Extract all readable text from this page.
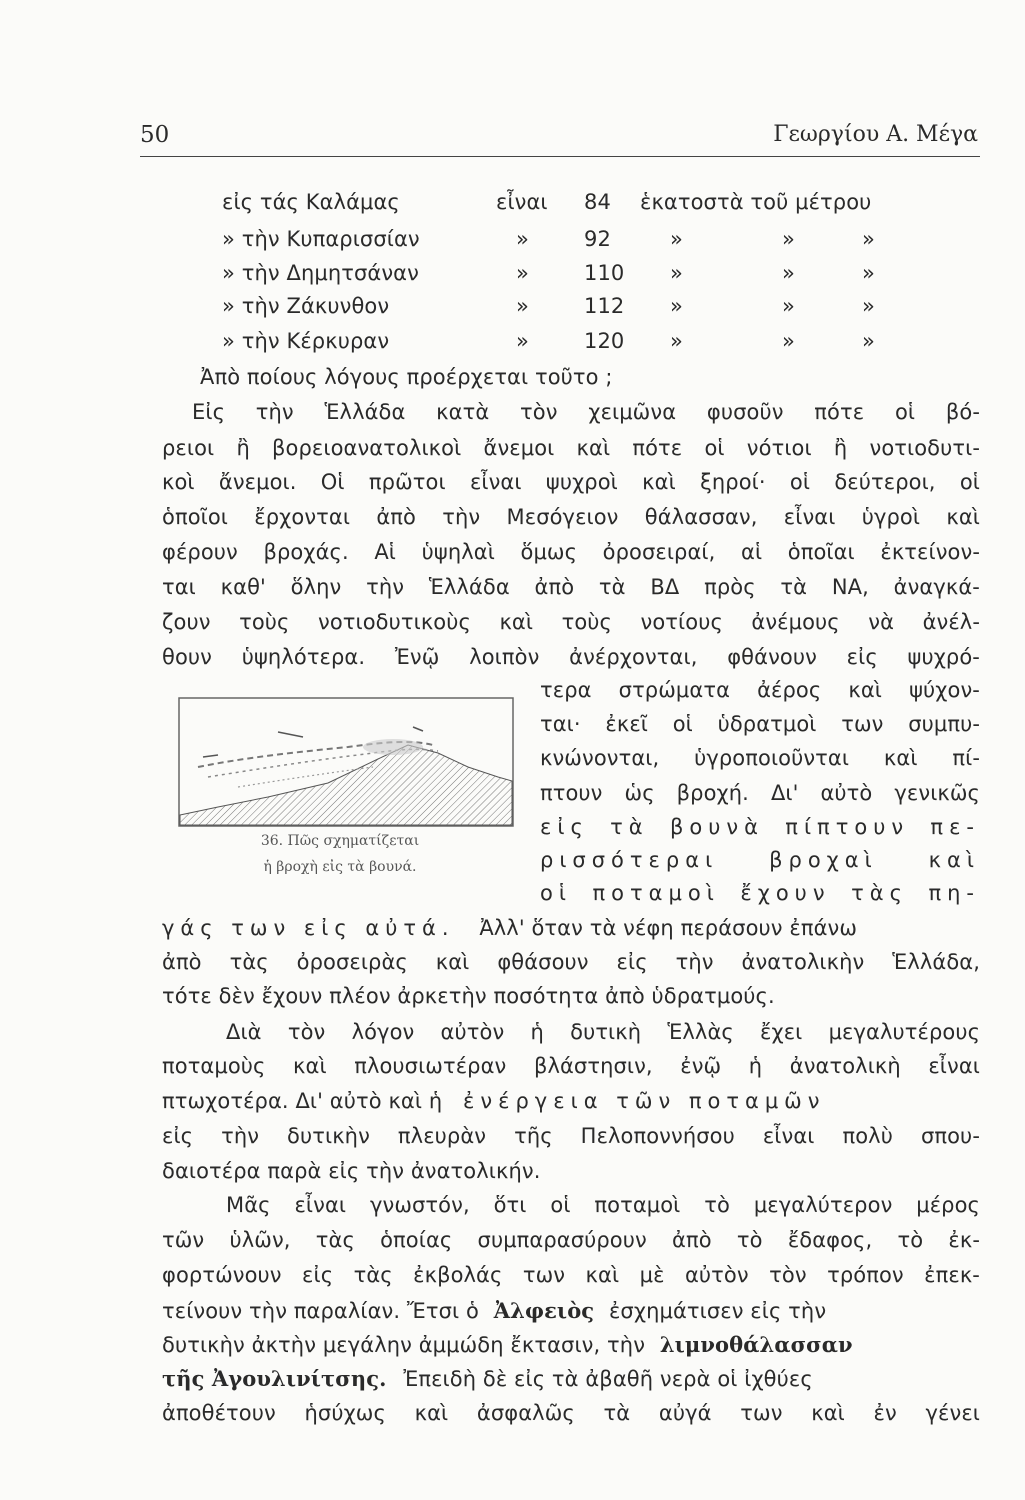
50	Γεωργίου Α. Μέγα
εἰς τάς Καλάμας	εἶναι 84 ἑκατοστὰ τοῦ μέτρου
» τὴν Κυπαρισσίαν	»	92	»	»	»
» τὴν Δημητσάναν	»	110 »	»	»
» τὴν Ζάκυνθον	»	112 »	»	»
» τὴν Κέρκυραν	»	120 »	»	»
Ἀπὸ ποίους λόγους προέρχεται τοῦτο ;
Εἰς τὴν Ἑλλάδα κατὰ τὸν χειμῶνα φυσοῦν πότε οἱ βό-
ρειοι ἢ βορειοανατολικοὶ ἄνεμοι καὶ πότε οἱ νότιοι ἢ νοτιοδυτι-
κοὶ ἄνεμοι. Οἱ πρῶτοι εἶναι ψυχροὶ καὶ ξηροί· οἱ δεύτεροι, οἱ
ὁποῖοι ἔρχονται ἀπὸ τὴν Μεσόγειον θάλασσαν, εἶναι ὑγροὶ καὶ
φέρουν βροχάς. Αἱ ὑψηλαὶ ὅμως ὀροσειραί, αἱ ὁποῖαι ἐκτείνον-
ται καθ' ὅλην τὴν Ἑλλάδα ἀπὸ τὰ ΒΔ πρὸς τὰ ΝΑ, ἀναγκά-
ζουν τοὺς νοτιοδυτικοὺς καὶ τοὺς νοτίους ἀνέμους νὰ ἀνέλ-
θουν ὑψηλότερα. Ἐνῷ λοιπὸν ἀνέρχονται, φθάνουν εἰς ψυχρό-
τερα στρώματα ἀέρος καὶ ψύχον-
ται· ἐκεῖ οἱ ὑδρατμοὶ των συμπυ-
κνώνονται, ὑγροποιοῦνται καὶ πί-
πτουν ὡς βροχή. Δι' αὐτὸ γενικῶς
εἰς τὰ βουνὰ πίπτουν πε-
ρισσότεραι βροχαὶ καὶ
οἱ ποταμοὶ ἔχουν τὰς πη-
γάς των εἰς αὐτά. Ἀλλ' ὅταν τὰ νέφη περάσουν ἐπάνω
ἀπὸ τὰς ὀροσειρὰς καὶ φθάσουν εἰς τὴν ἀνατολικὴν Ἑλλάδα,
τότε δὲν ἔχουν πλέον ἀρκετὴν ποσότητα ἀπὸ ὑδρατμούς.
36. Πῶς σχηματίζεται
ἡ βροχὴ εἰς τὰ βουνά.
Διὰ τὸν λόγον αὐτὸν ἡ δυτικὴ Ἑλλὰς ἔχει μεγαλυτέρους
ποταμοὺς καὶ πλουσιωτέραν βλάστησιν, ἐνῷ ἡ ἀνατολικὴ εἶναι
πτωχοτέρα. Δι' αὐτὸ καὶ ἡ ἐνέργεια τῶν ποταμῶν
εἰς τὴν δυτικὴν πλευρὰν τῆς Πελοποννήσου εἶναι πολὺ σπου-
δαιοτέρα παρὰ εἰς τὴν ἀνατολικήν.
Μᾶς εἶναι γνωστόν, ὅτι οἱ ποταμοὶ τὸ μεγαλύτερον μέρος
τῶν ὑλῶν, τὰς ὁποίας συμπαρασύρουν ἀπὸ τὸ ἔδαφος, τὸ ἐκ-
φορτώνουν εἰς τὰς ἐκβολάς των καὶ μὲ αὐτὸν τὸν τρόπον ἐπεκ-
τείνουν τὴν παραλίαν. Ἔτσι ὁ Ἀλφειὸς ἐσχημάτισεν εἰς τὴν
δυτικὴν ἀκτὴν μεγάλην ἀμμώδη ἔκτασιν, τὴν λιμνοθάλασσαν
τῆς Ἀγουλινίτσης. Ἐπειδὴ δὲ εἰς τὰ ἀβαθῆ νερὰ οἱ ἰχθύες
ἀποθέτουν ἡσύχως καὶ ἀσφαλῶς τὰ αὐγά των καὶ ἐν γένει
